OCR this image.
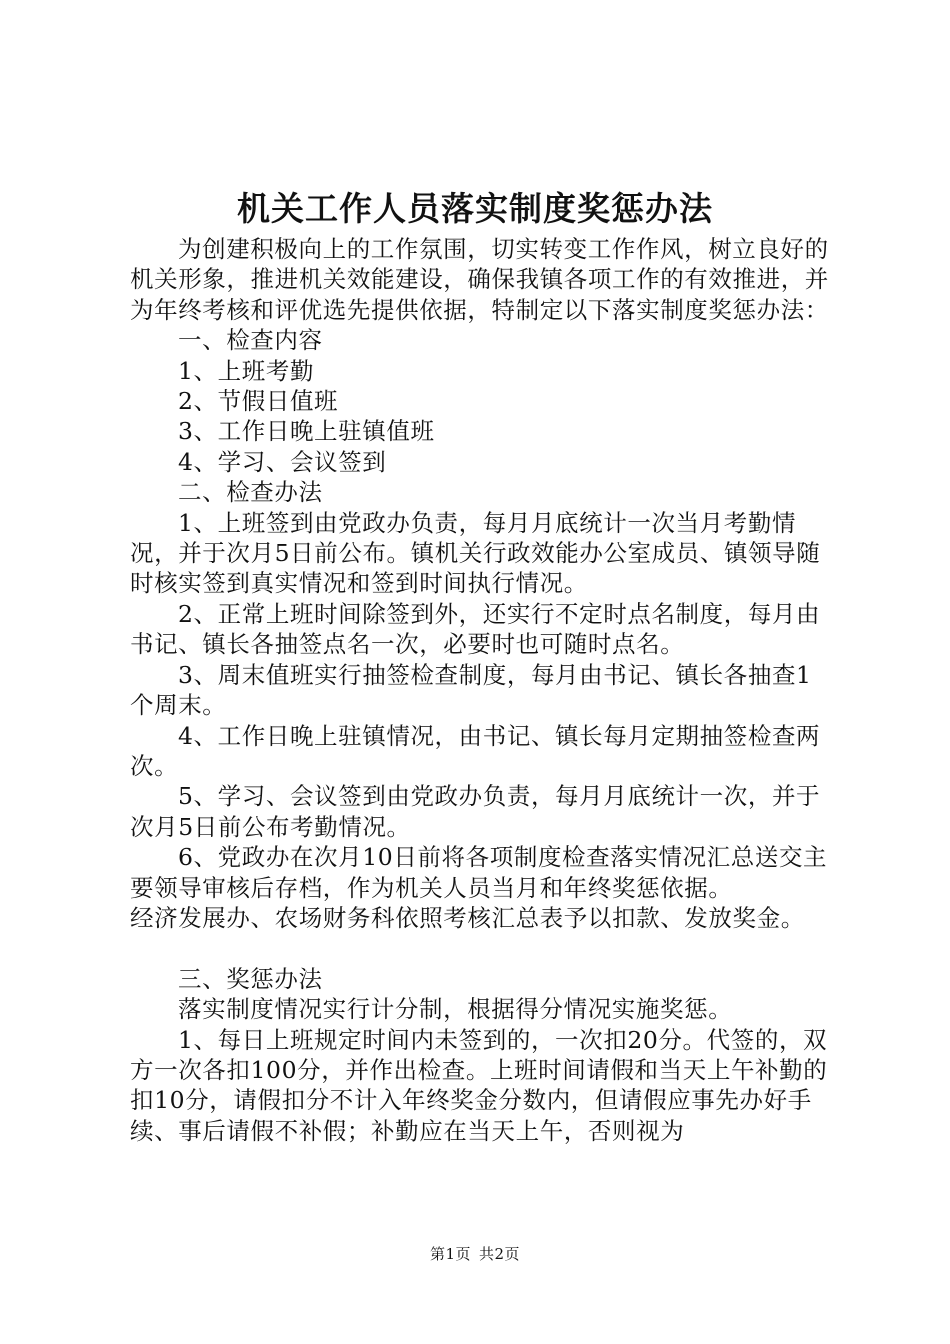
机关工作人员落实制度奖惩办法

为创建积极向上的工作氛围，切实转变工作作风，树立良好的机关形象，推进机关效能建设，确保我镇各项工作的有效推进，并为年终考核和评优选先提供依据，特制定以下落实制度奖惩办法：

一、检查内容

1、上班考勤

2、节假日值班

3、工作日晚上驻镇值班

4、学习、会议签到

二、检查办法

1、上班签到由党政办负责，每月月底统计一次当月考勤情况，并于次月5日前公布。镇机关行政效能办公室成员、镇领导随时核实签到真实情况和签到时间执行情况。

2、正常上班时间除签到外，还实行不定时点名制度，每月由书记、镇长各抽签点名一次，必要时也可随时点名。

3、周末值班实行抽签检查制度，每月由书记、镇长各抽查1个周末。

4、工作日晚上驻镇情况，由书记、镇长每月定期抽签检查两次。

5、学习、会议签到由党政办负责，每月月底统计一次，并于次月5日前公布考勤情况。

6、党政办在次月10日前将各项制度检查落实情况汇总送交主要领导审核后存档，作为机关人员当月和年终奖惩依据。

经济发展办、农场财务科依照考核汇总表予以扣款、发放奖金。

三、奖惩办法

落实制度情况实行计分制，根据得分情况实施奖惩。

1、每日上班规定时间内未签到的，一次扣20分。代签的，双方一次各扣100分，并作出检查。上班时间请假和当天上午补勤的扣10分，请假扣分不计入年终奖金分数内，但请假应事先办好手续、事后请假不补假；补勤应在当天上午，否则视为

第1页 共2页
